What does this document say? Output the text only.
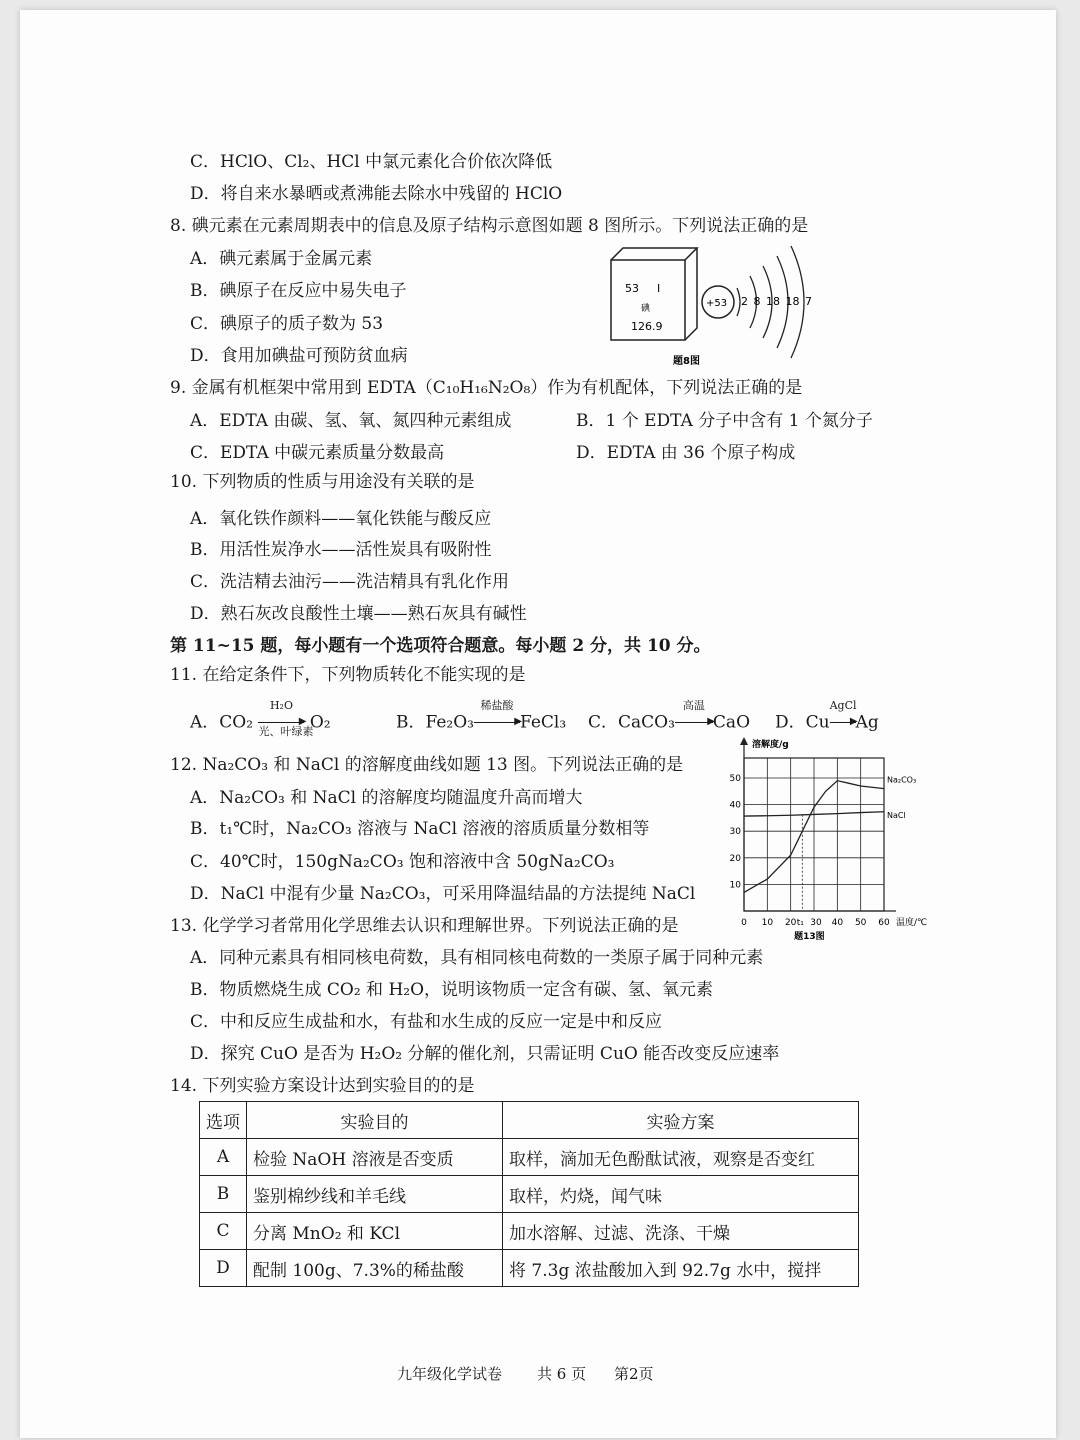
C．HClO、Cl₂、HCl 中氯元素化合价依次降低
D．将自来水暴晒或煮沸能去除水中残留的 HClO
8. 碘元素在元素周期表中的信息及原子结构示意图如题 8 图所示。下列说法正确的是
A．碘元素属于金属元素
B．碘原子在反应中易失电子
C．碘原子的质子数为 53
D．食用加碘盐可预防贫血病
53 I
碘
126.9
+53 2 8 18 18 7
题8图
9. 金属有机框架中常用到 EDTA（C₁₀H₁₆N₂O₈）作为有机配体，下列说法正确的是
A．EDTA 由碳、氢、氧、氮四种元素组成	B．1 个 EDTA 分子中含有 1 个氮分子
C．EDTA 中碳元素质量分数最高	D．EDTA 由 36 个原子构成
10. 下列物质的性质与用途没有关联的是
A．氧化铁作颜料——氧化铁能与酸反应
B．用活性炭净水——活性炭具有吸附性
C．洗洁精去油污——洗洁精具有乳化作用
D．熟石灰改良酸性土壤——熟石灰具有碱性
第 11~15 题，每小题有一个选项符合题意。每小题 2 分，共 10 分。
11. 在给定条件下，下列物质转化不能实现的是
A．CO₂
H₂O
▶
光、叶绿素
O₂	B．Fe₂O₃
稀盐酸
▶
FeCl₃ C．CaCO₃
高温
▶
CaO D．Cu
AgCl
▶
Ag
12. Na₂CO₃ 和 NaCl 的溶解度曲线如题 13 图。下列说法正确的是
A．Na₂CO₃ 和 NaCl 的溶解度均随温度升高而增大
B．t₁℃时，Na₂CO₃ 溶液与 NaCl 溶液的溶质质量分数相等
C．40℃时，150gNa₂CO₃ 饱和溶液中含 50gNa₂CO₃
D．NaCl 中混有少量 Na₂CO₃，可采用降温结晶的方法提纯 NaCl
溶解度/g
0 10 20 t₁ 30 40 50 60 温度/℃
10
20
30
40
50	Na₂CO₃
NaCl
题13图
13. 化学学习者常用化学思维去认识和理解世界。下列说法正确的是
A．同种元素具有相同核电荷数，具有相同核电荷数的一类原子属于同种元素
B．物质燃烧生成 CO₂ 和 H₂O，说明该物质一定含有碳、氢、氧元素
C．中和反应生成盐和水，有盐和水生成的反应一定是中和反应
D．探究 CuO 是否为 H₂O₂ 分解的催化剂，只需证明 CuO 能否改变反应速率
14. 下列实验方案设计达到实验目的的是
选项	实验目的	实验方案
A	检验 NaOH 溶液是否变质	取样，滴加无色酚酞试液，观察是否变红
B	鉴别棉纱线和羊毛线	取样，灼烧，闻气味
C	分离 MnO₂ 和 KCl	加水溶解、过滤、洗涤、干燥
D	配制 100g、7.3%的稀盐酸	将 7.3g 浓盐酸加入到 92.7g 水中，搅拌
九年级化学试卷 共 6 页 第2页
